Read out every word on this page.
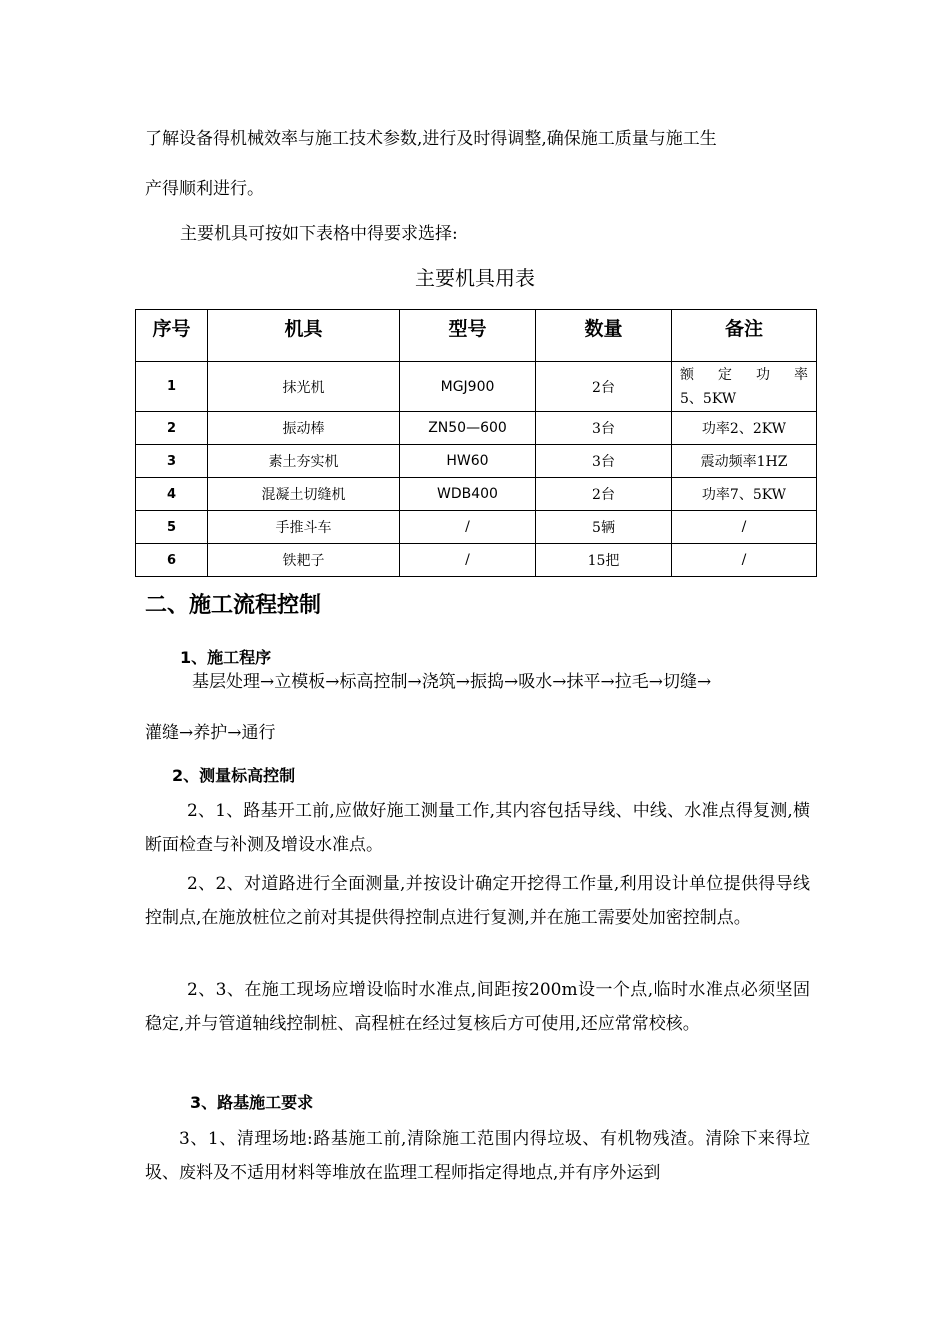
了解设备得机械效率与施工技术参数,进行及时得调整,确保施工质量与施工生
产得顺利进行。
主要机具可按如下表格中得要求选择:
主要机具用表
序号	机具	型号	数量	备注
1	抹光机	MGJ900	2台	额 定 功 率
5、5KW

2	振动棒	ZN50—600	3台	功率2、2KW
3	素土夯实机	HW60	3台	震动频率1HZ
4	混凝土切缝机	WDB400	2台	功率7、5KW
5	手推斗车	/	5辆	/
6	铁耙子	/	15把	/
二、施工流程控制
1、施工程序
基层处理→立模板→标高控制→浇筑→振捣→吸水→抹平→拉毛→切缝→
灌缝→养护→通行
2、测量标高控制
2、1、路基开工前,应做好施工测量工作,其内容包括导线、中线、水准点得复测,横断面检查与补测及增设水准点。
2、2、对道路进行全面测量,并按设计确定开挖得工作量,利用设计单位提供得导线控制点,在施放桩位之前对其提供得控制点进行复测,并在施工需要处加密控制点。
2、3、在施工现场应增设临时水准点,间距按200m设一个点,临时水准点必须坚固稳定,并与管道轴线控制桩、高程桩在经过复核后方可使用,还应常常校核。
3、路基施工要求
3、1、清理场地:路基施工前,清除施工范围内得垃圾、有机物残渣。清除下来得垃圾、废料及不适用材料等堆放在监理工程师指定得地点,并有序外运到
